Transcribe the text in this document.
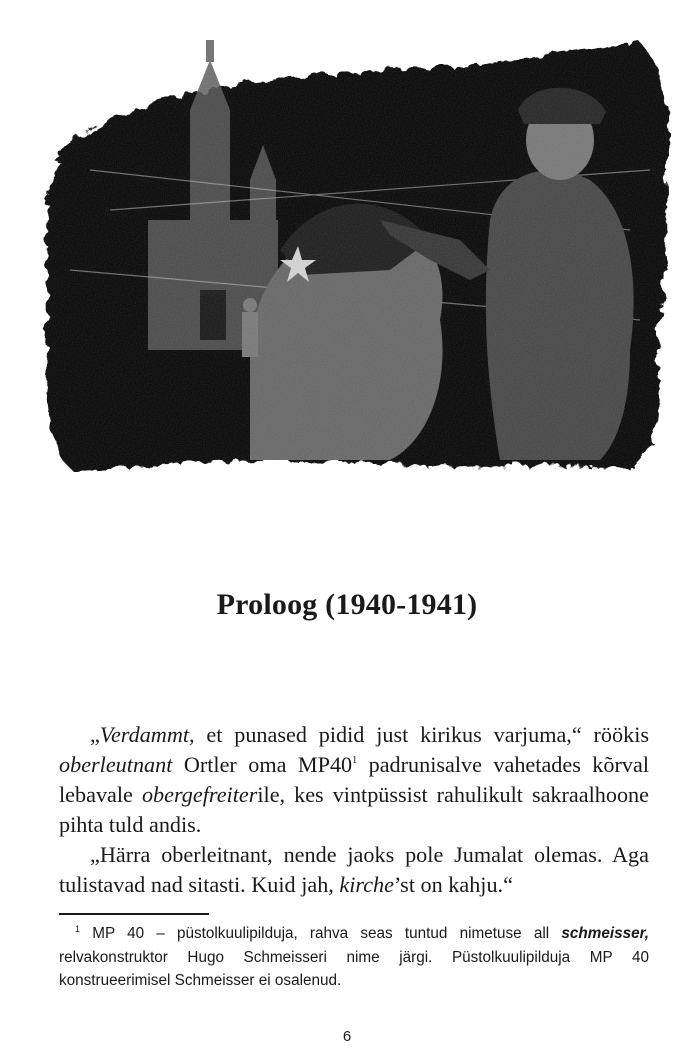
Proloog (1940-1941)

„Verdammt, et punased pidid just kirikus varjuma,“ röökis oberleutnant Ortler oma $MP40^1$ padrunisalve vahetades kõrval lebavale obergefreiterile, kes vintpüssist rahulikult sakraalhoone pihta tuld andis.

„Härra oberleitnant, nende jaoks pole Jumalat olemas. Aga tulistavad nad sitasti. Kuid jah, kirche’st on kahju.“

$^1$ MP 40 – püstolkuulipilduja, rahva seas tuntud nimetuse all schmeisser, relvakonstruktor Hugo Schmeisseri nime järgi. Püstolkuulipilduja MP 40 konstrueerimisel Schmeisser ei osalenud.
6
